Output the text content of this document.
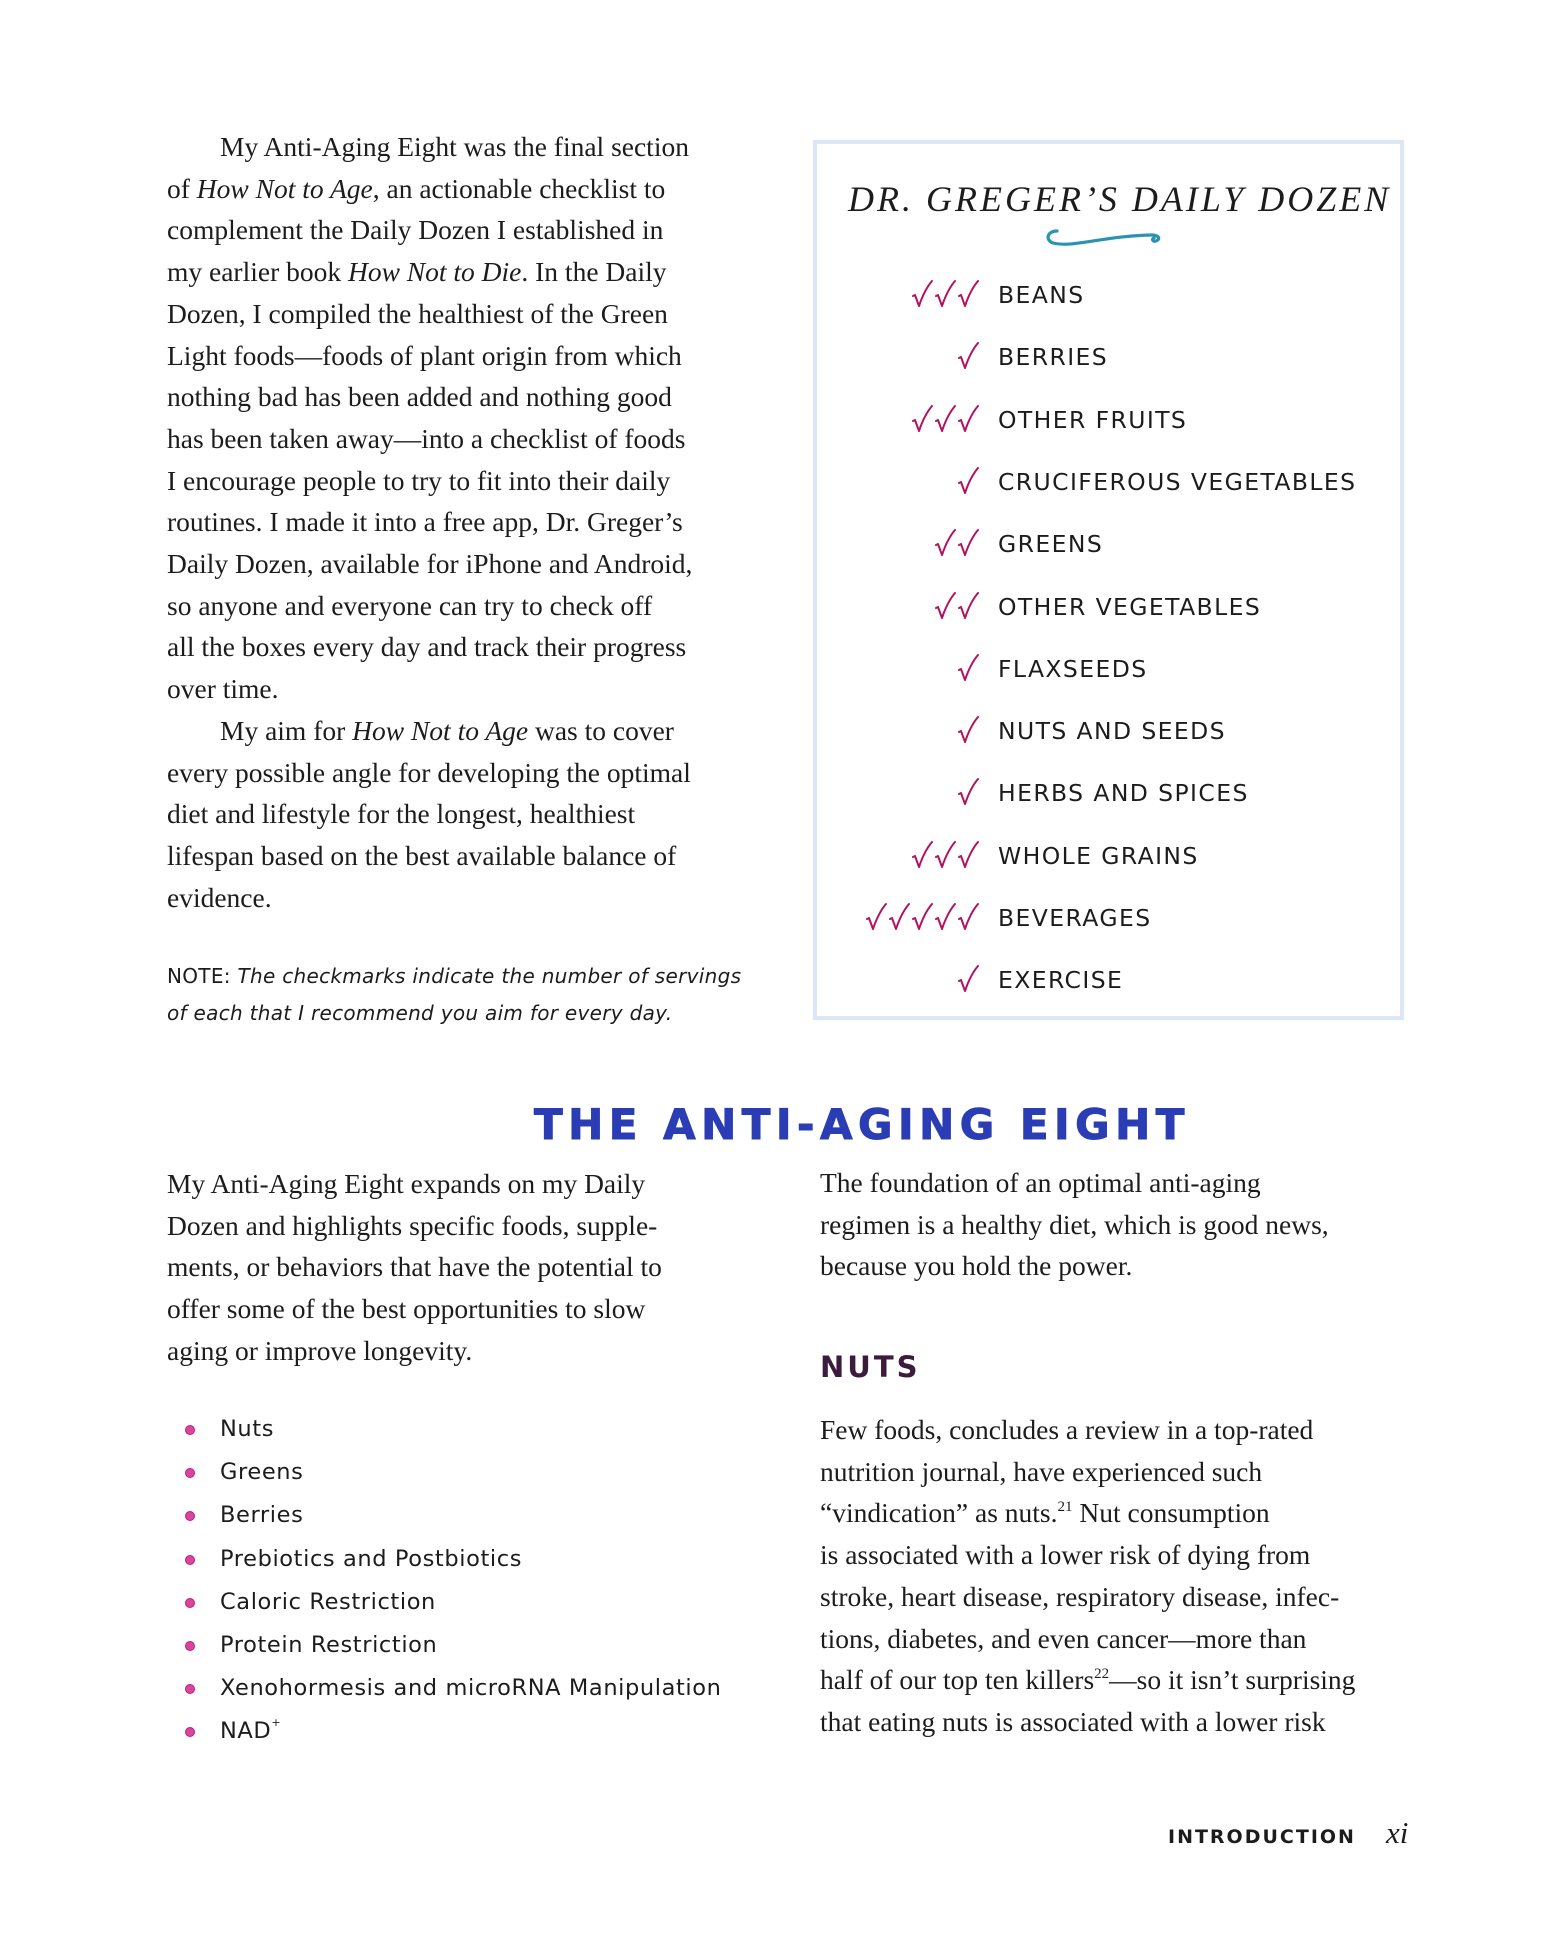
My Anti-Aging Eight was the final section
of How Not to Age, an actionable checklist to
complement the Daily Dozen I established in
my earlier book How Not to Die. In the Daily
Dozen, I compiled the healthiest of the Green
Light foods—foods of plant origin from which
nothing bad has been added and nothing good
has been taken away—into a checklist of foods
I encourage people to try to fit into their daily
routines. I made it into a free app, Dr. Greger’s
Daily Dozen, available for iPhone and Android,
so anyone and everyone can try to check off
all the boxes every day and track their progress
over time.
My aim for How Not to Age was to cover
every possible angle for developing the optimal
diet and lifestyle for the longest, healthiest
lifespan based on the best available balance of
evidence.
NOTE: The checkmarks indicate the number of servings
of each that I recommend you aim for every day.
DR. GREGER’S DAILY DOZEN
BEANS
BERRIES
OTHER FRUITS
CRUCIFEROUS VEGETABLES
GREENS
OTHER VEGETABLES
FLAXSEEDS
NUTS AND SEEDS
HERBS AND SPICES
WHOLE GRAINS
BEVERAGES
EXERCISE
THE ANTI-AGING EIGHT
My Anti-Aging Eight expands on my Daily
Dozen and highlights specific foods, supple-
ments, or behaviors that have the potential to
offer some of the best opportunities to slow
aging or improve longevity.
Nuts
Greens
Berries
Prebiotics and Postbiotics
Caloric Restriction
Protein Restriction
Xenohormesis and microRNA Manipulation
NAD+
The foundation of an optimal anti-aging
regimen is a healthy diet, which is good news,
because you hold the power.
NUTS
Few foods, concludes a review in a top-rated
nutrition journal, have experienced such
“vindication” as nuts.$^{21}$ Nut consumption
is associated with a lower risk of dying from
stroke, heart disease, respiratory disease, infec-
tions, diabetes, and even cancer—more than
half of our top ten killers$^{22}$—so it isn’t surprising
that eating nuts is associated with a lower risk
INTRODUCTION xi
